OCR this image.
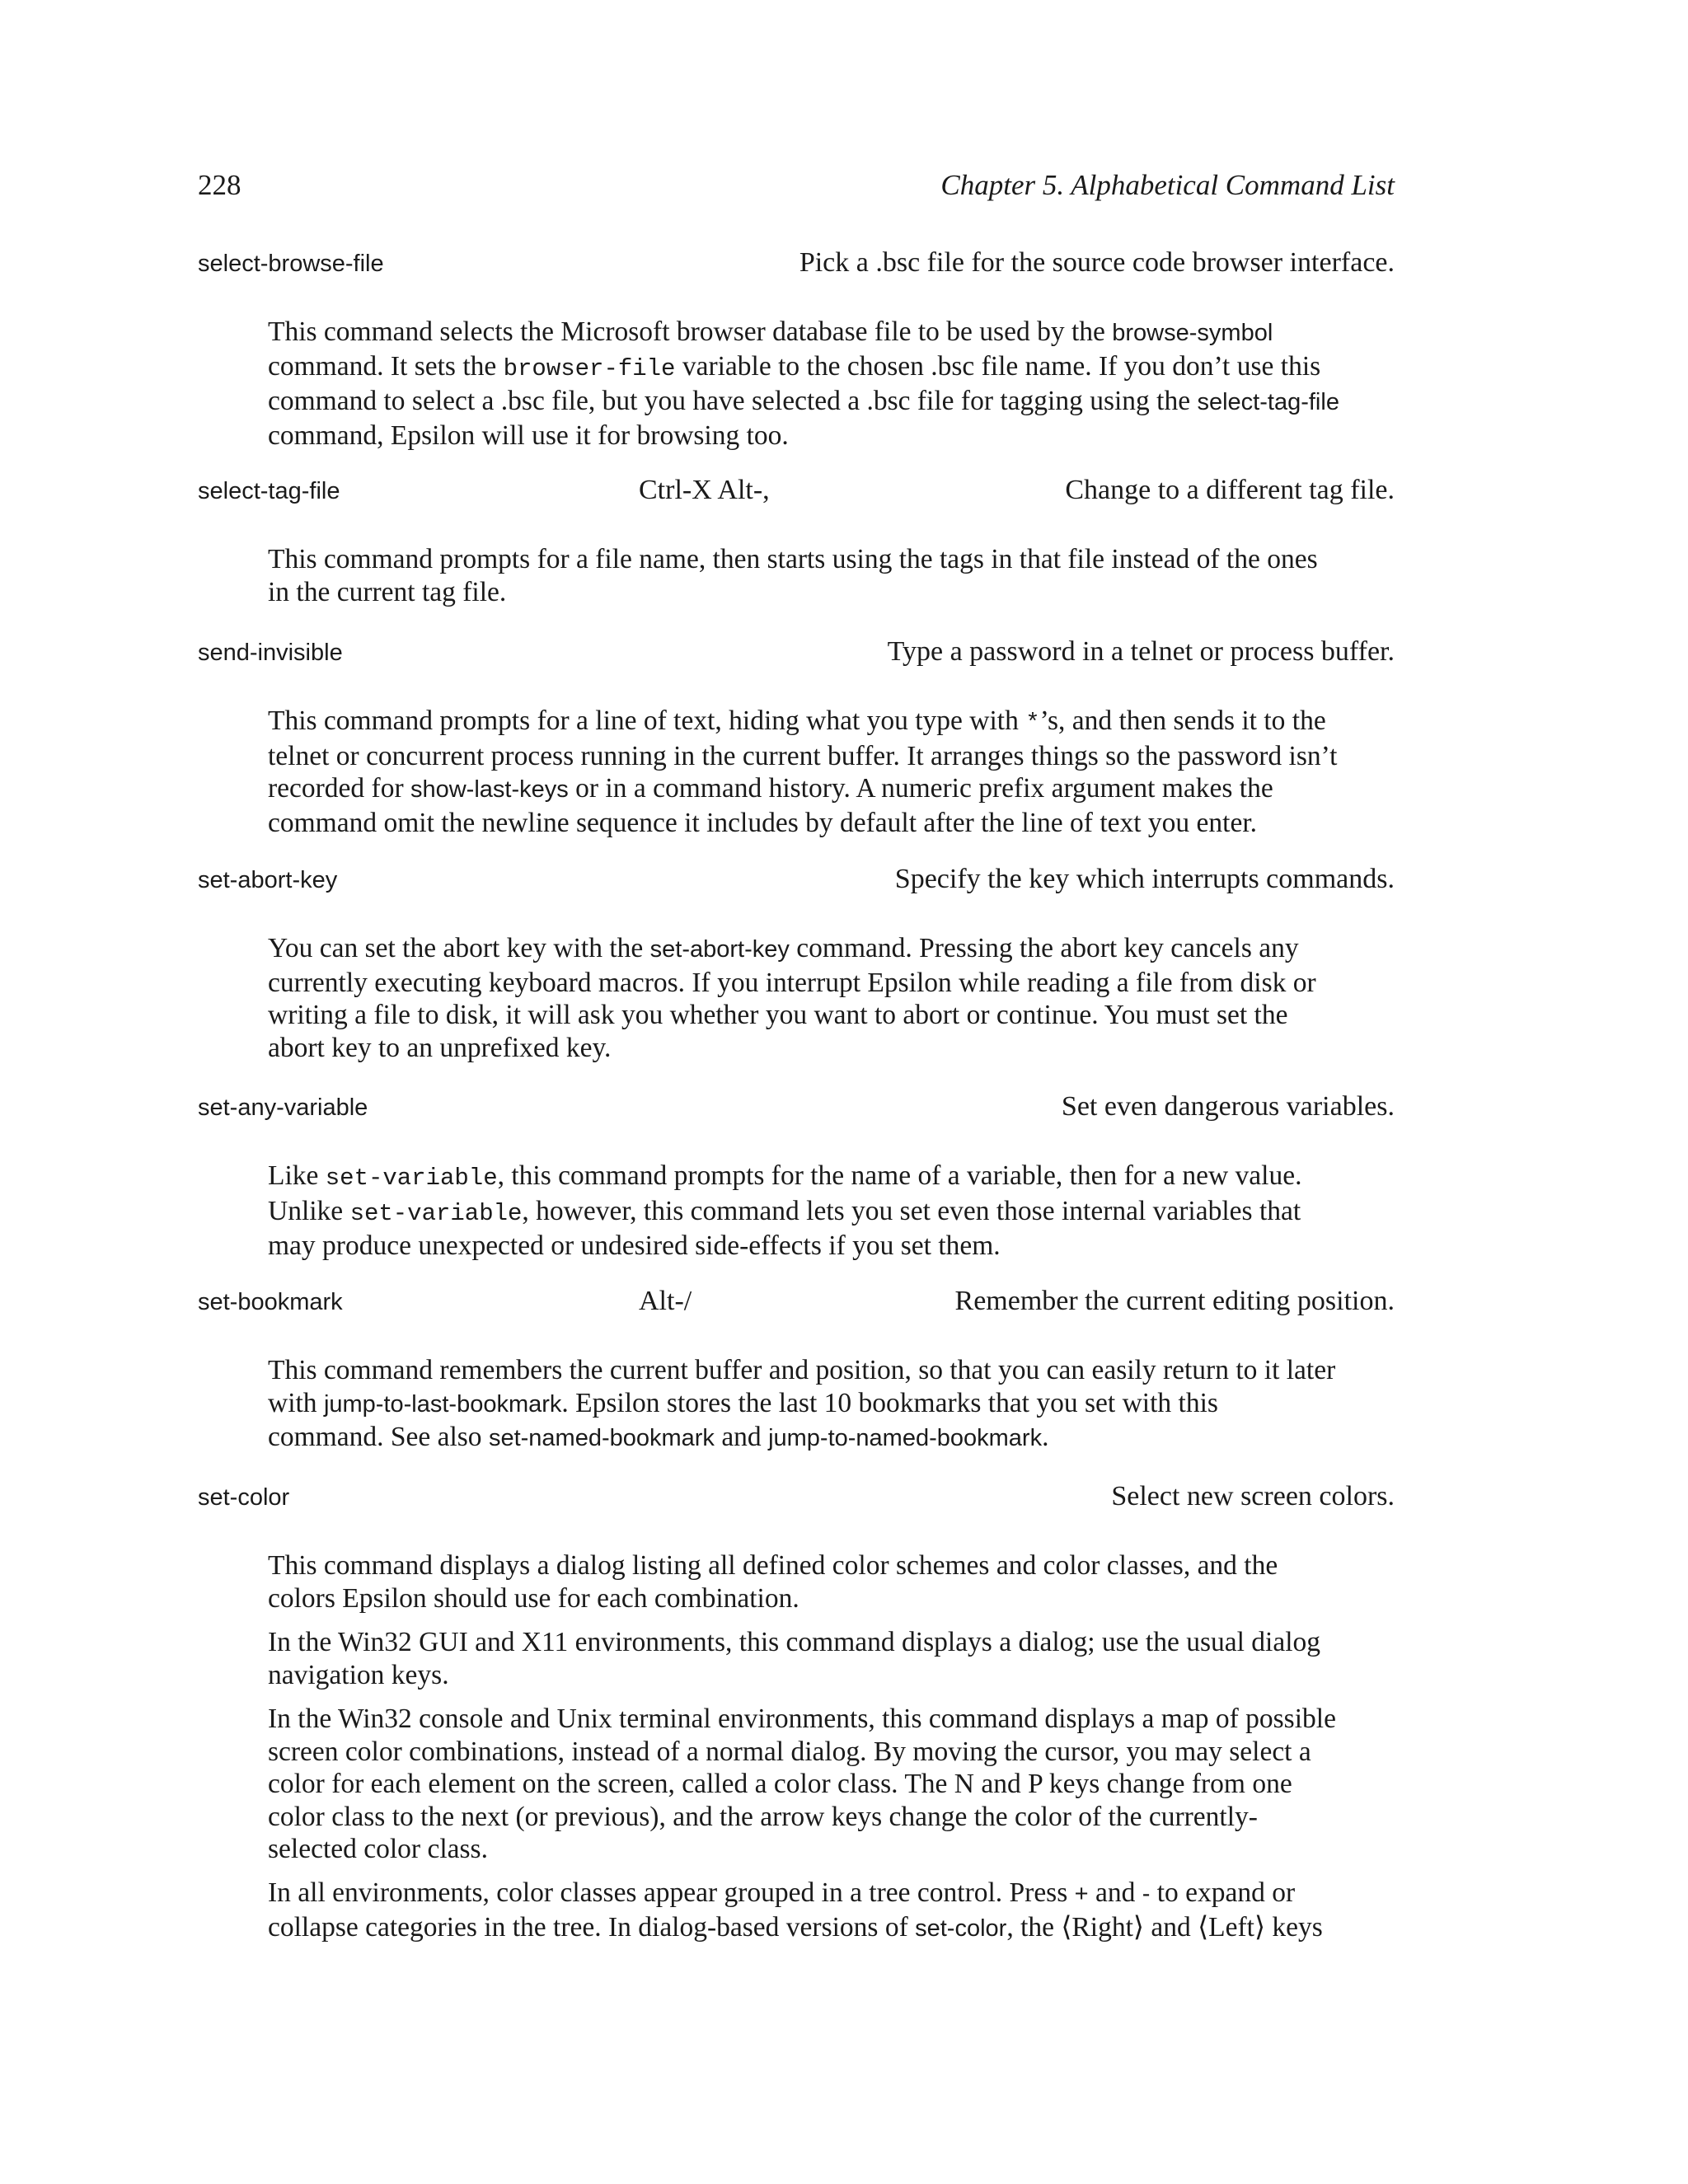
228	Chapter 5. Alphabetical Command List
select-browse-file	Pick a .bsc file for the source code browser interface.

This command selects the Microsoft browser database file to be used by the browse-symbol command. It sets the browser-file variable to the chosen .bsc file name. If you don’t use this command to select a .bsc file, but you have selected a .bsc file for tagging using the select-tag-file command, Epsilon will use it for browsing too.

select-tag-file	Ctrl-X Alt-,	Change to a different tag file.

This command prompts for a file name, then starts using the tags in that file instead of the ones in the current tag file.

send-invisible	Type a password in a telnet or process buffer.

This command prompts for a line of text, hiding what you type with *’s, and then sends it to the telnet or concurrent process running in the current buffer. It arranges things so the password isn’t recorded for show-last-keys or in a command history. A numeric prefix argument makes the command omit the newline sequence it includes by default after the line of text you enter.

set-abort-key	Specify the key which interrupts commands.

You can set the abort key with the set-abort-key command. Pressing the abort key cancels any currently executing keyboard macros. If you interrupt Epsilon while reading a file from disk or writing a file to disk, it will ask you whether you want to abort or continue. You must set the abort key to an unprefixed key.

set-any-variable	Set even dangerous variables.

Like set-variable, this command prompts for the name of a variable, then for a new value. Unlike set-variable, however, this command lets you set even those internal variables that may produce unexpected or undesired side-effects if you set them.

set-bookmark	Alt-/	Remember the current editing position.

This command remembers the current buffer and position, so that you can easily return to it later with jump-to-last-bookmark. Epsilon stores the last 10 bookmarks that you set with this command. See also set-named-bookmark and jump-to-named-bookmark.

set-color	Select new screen colors.

This command displays a dialog listing all defined color schemes and color classes, and the colors Epsilon should use for each combination.

In the Win32 GUI and X11 environments, this command displays a dialog; use the usual dialog navigation keys.

In the Win32 console and Unix terminal environments, this command displays a map of possible screen color combinations, instead of a normal dialog. By moving the cursor, you may select a color for each element on the screen, called a color class. The N and P keys change from one color class to the next (or previous), and the arrow keys change the color of the currently-selected color class.

In all environments, color classes appear grouped in a tree control. Press + and - to expand or collapse categories in the tree. In dialog-based versions of set-color, the ⟨Right⟩ and ⟨Left⟩ keys
